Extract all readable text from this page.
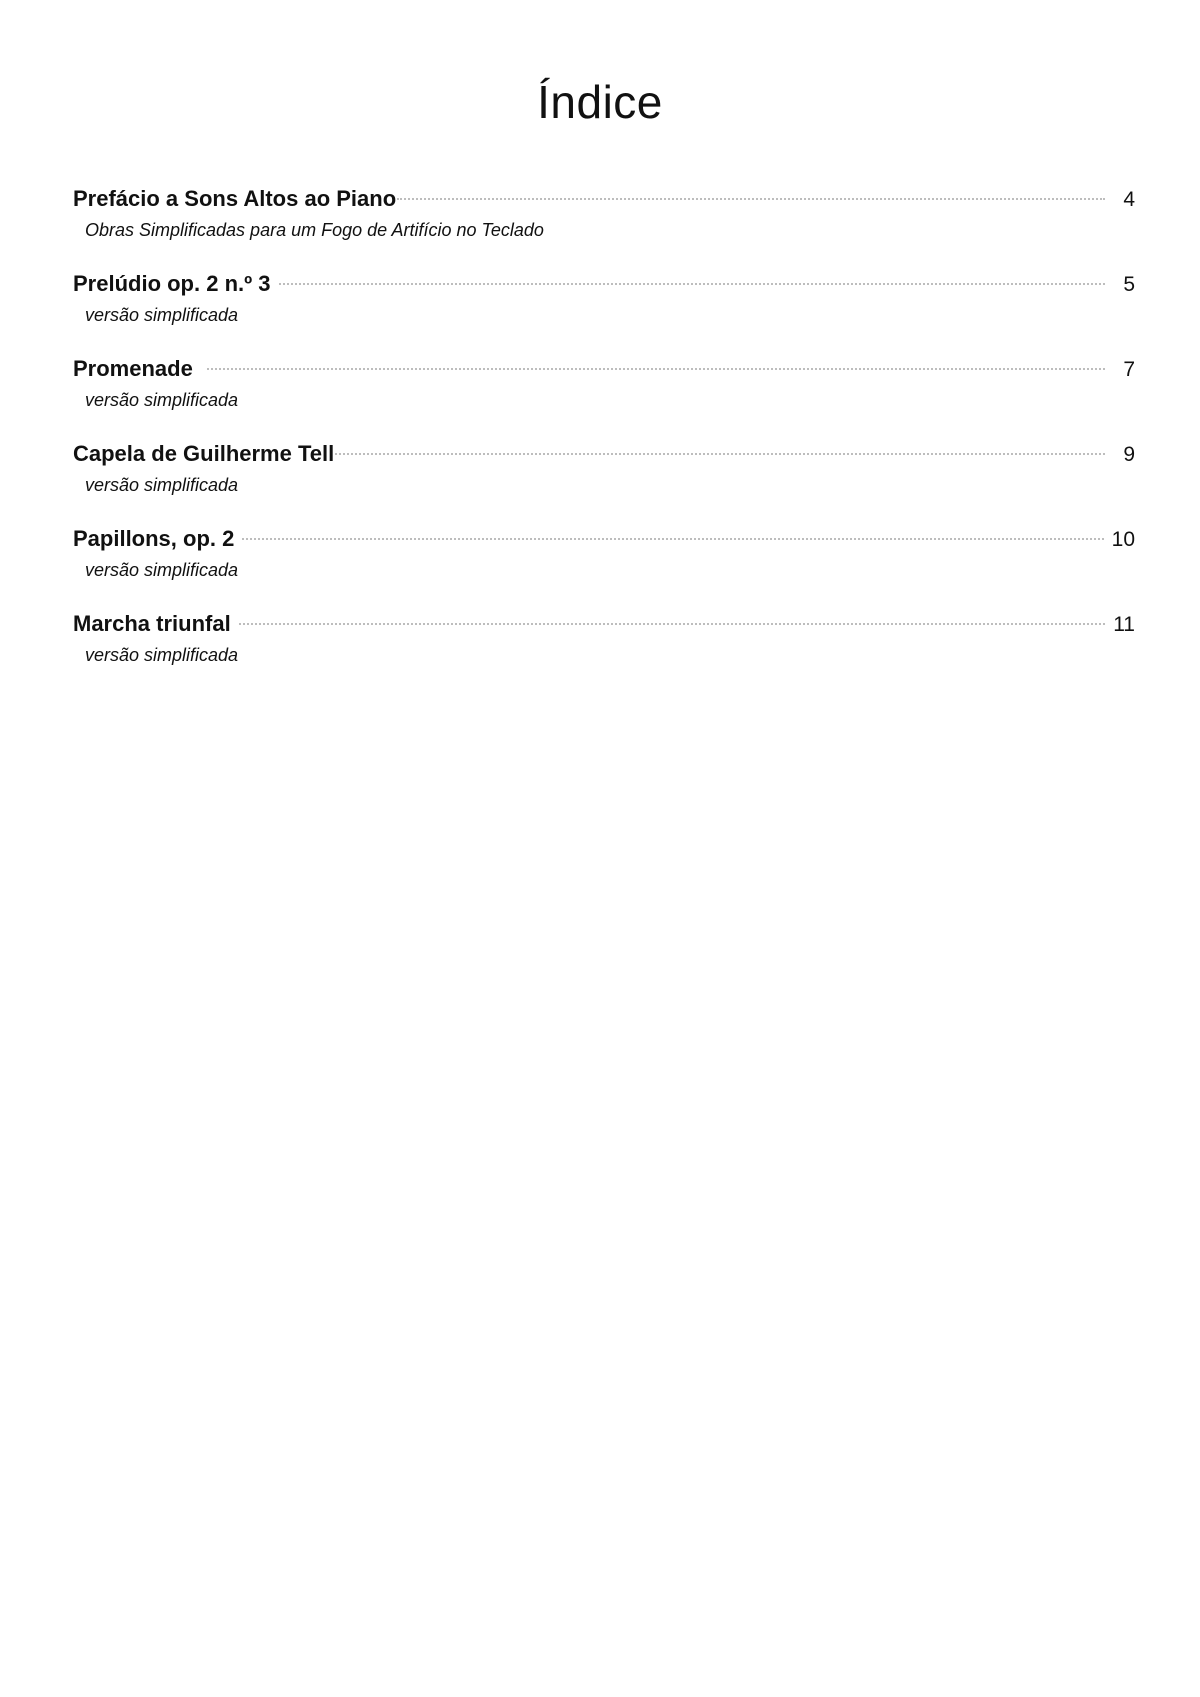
Índice
Prefácio a Sons Altos ao Piano	4
Obras Simplificadas para um Fogo de Artifício no Teclado
Prelúdio op. 2 n.º 3	5
versão simplificada
Promenade	7
versão simplificada
Capela de Guilherme Tell	9
versão simplificada
Papillons, op. 2	10
versão simplificada
Marcha triunfal	11
versão simplificada
